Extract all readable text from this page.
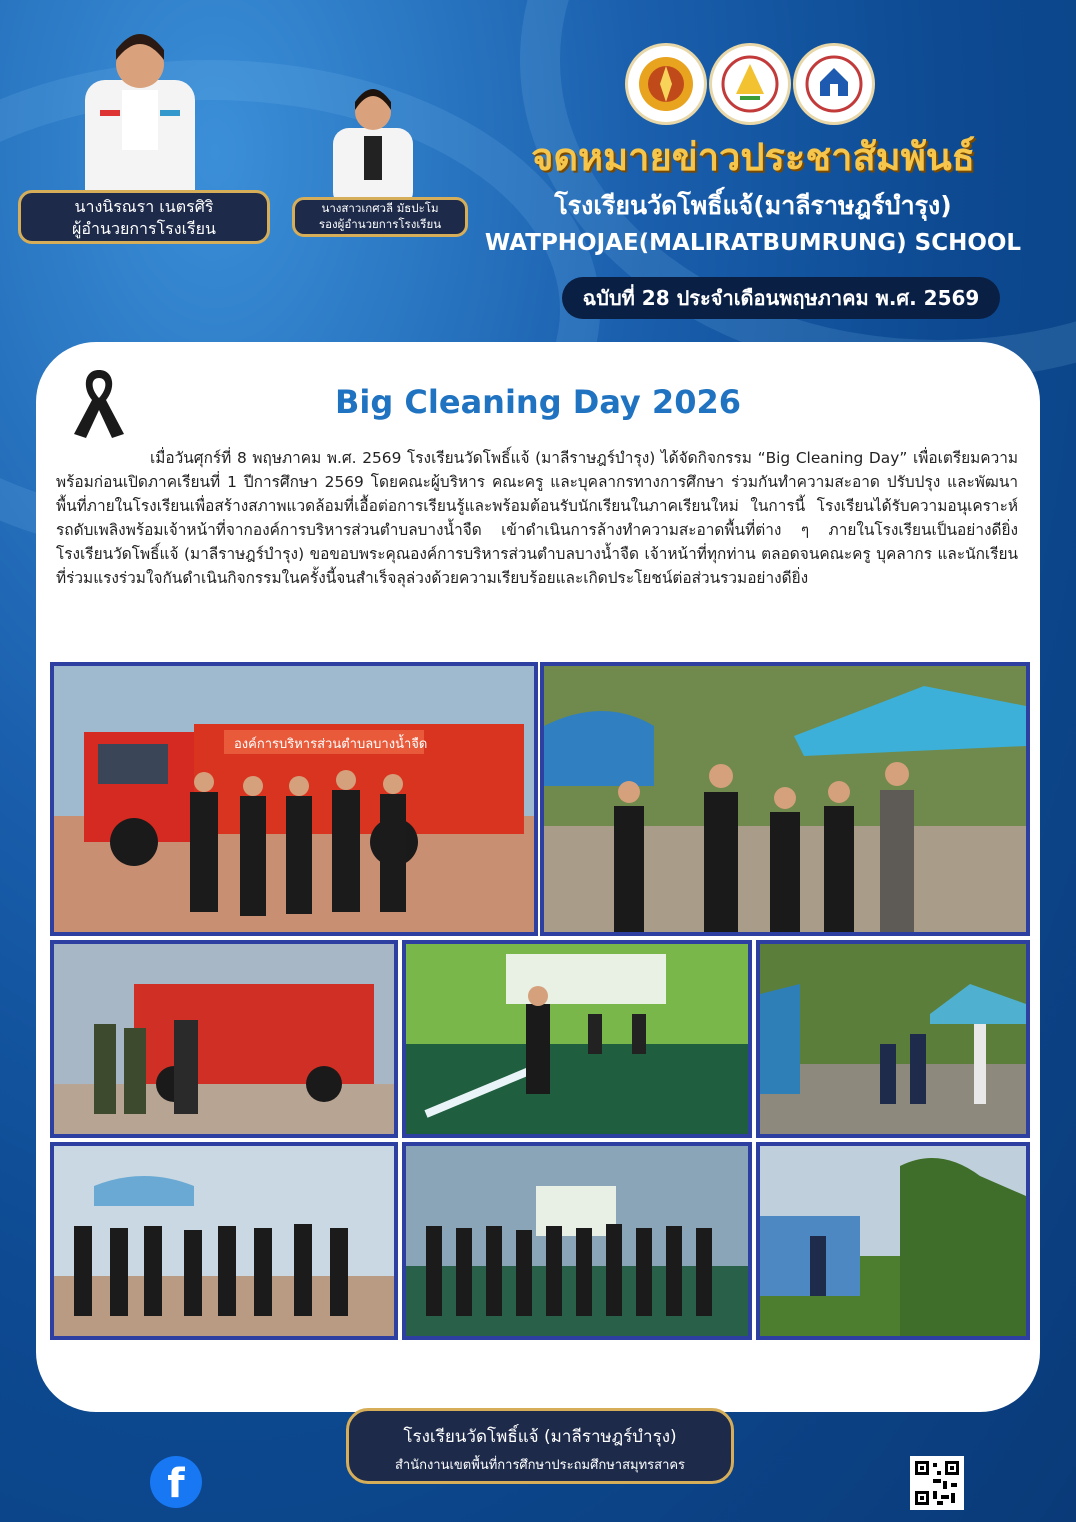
นางนิรณรา เนตรศิริ
ผู้อำนวยการโรงเรียน
นางสาวเกศวลี มัธปะโม
รองผู้อำนวยการโรงเรียน
จดหมายข่าวประชาสัมพันธ์
โรงเรียนวัดโพธิ์แจ้(มาลีราษฎร์บำรุง)
WATPHOJAE(MALIRATBUMRUNG) SCHOOL
ฉบับที่ 28 ประจำเดือนพฤษภาคม พ.ศ. 2569
Big Cleaning Day 2026
เมื่อวันศุกร์ที่ 8 พฤษภาคม พ.ศ. 2569 โรงเรียนวัดโพธิ์แจ้ (มาลีราษฎร์บำรุง) ได้จัดกิจกรรม “Big Cleaning Day” เพื่อเตรียมความพร้อมก่อนเปิดภาคเรียนที่ 1 ปีการศึกษา 2569 โดยคณะผู้บริหาร คณะครู และบุคลากรทางการศึกษา ร่วมกันทำความสะอาด ปรับปรุง และพัฒนาพื้นที่ภายในโรงเรียนเพื่อสร้างสภาพแวดล้อมที่เอื้อต่อการเรียนรู้และพร้อมต้อนรับนักเรียนในภาคเรียนใหม่ ในการนี้ โรงเรียนได้รับความอนุเคราะห์รถดับเพลิงพร้อมเจ้าหน้าที่จากองค์การบริหารส่วนตำบลบางน้ำจืด เข้าดำเนินการล้างทำความสะอาดพื้นที่ต่าง ๆ ภายในโรงเรียนเป็นอย่างดียิ่ง โรงเรียนวัดโพธิ์แจ้ (มาลีราษฎร์บำรุง) ขอขอบพระคุณองค์การบริหารส่วนตำบลบางน้ำจืด เจ้าหน้าที่ทุกท่าน ตลอดจนคณะครู บุคลากร และนักเรียน ที่ร่วมแรงร่วมใจกันดำเนินกิจกรรมในครั้งนี้จนสำเร็จลุล่วงด้วยความเรียบร้อยและเกิดประโยชน์ต่อส่วนรวมอย่างดียิ่ง
องค์การบริหารส่วนตำบลบางน้ำจืด
โรงเรียนวัดโพธิ์แจ้ (มาลีราษฎร์บำรุง)
สำนักงานเขตพื้นที่การศึกษาประถมศึกษาสมุทรสาคร
f
